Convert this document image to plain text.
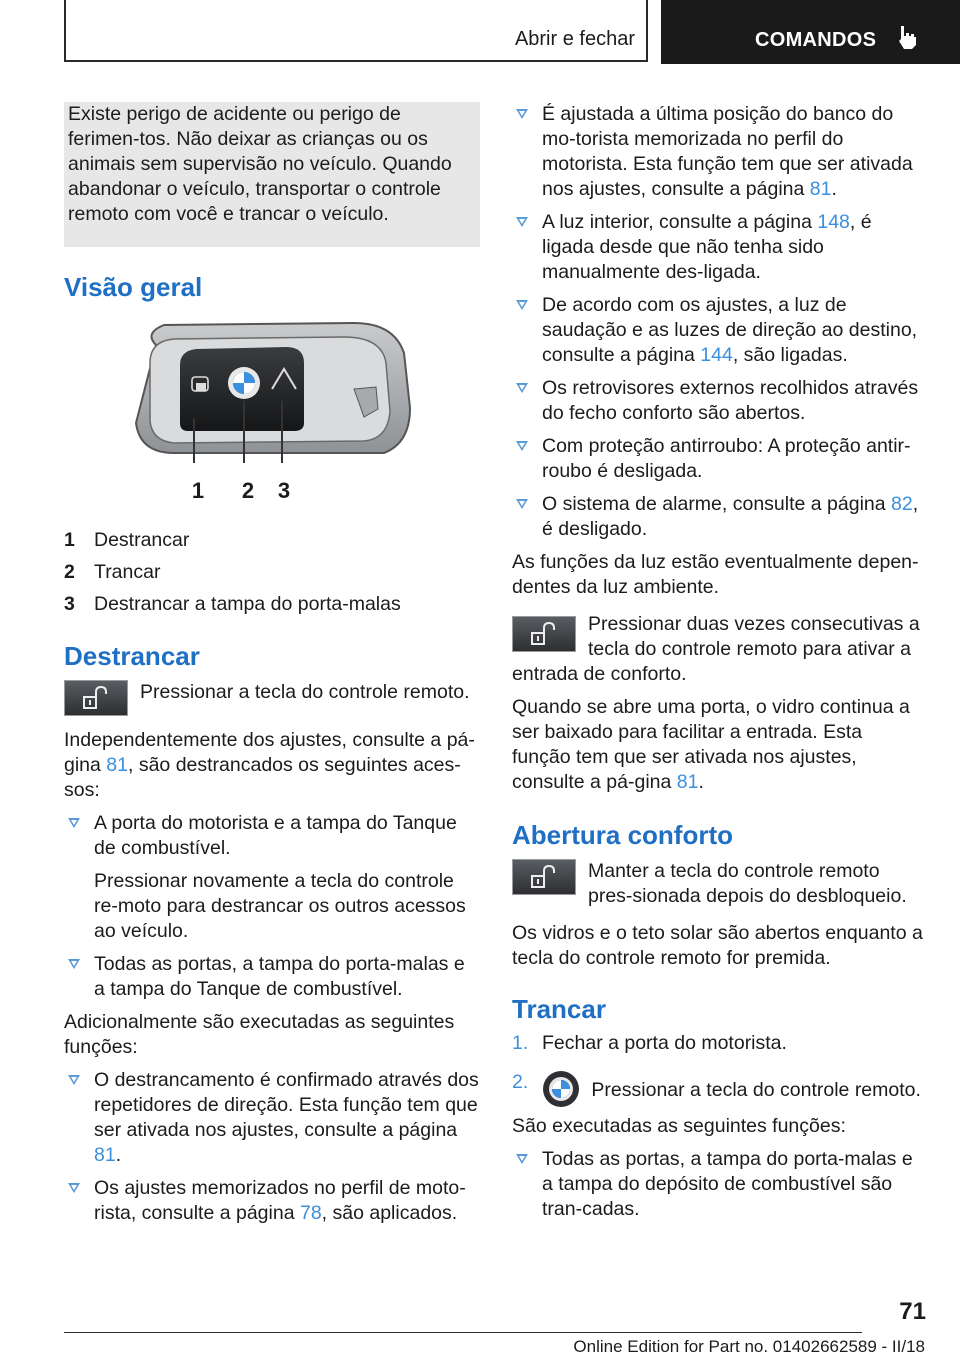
Abrir e fechar	COMANDOS

Existe perigo de acidente ou perigo de ferimen-tos. Não deixar as crianças ou os animais sem supervisão no veículo. Quando abandonar o veículo, transportar o controle remoto com você e trancar o veículo.

Visão geral
1 2 3
1 Destrancar
2 Trancar
3 Destrancar a tampa do porta-malas
Destrancar

Pressionar a tecla do controle remoto.

Independentemente dos ajustes, consulte a pá-gina 81, são destrancados os seguintes aces-sos:

A porta do motorista e a tampa do Tanque de combustível.

Pressionar novamente a tecla do controle re-moto para destrancar os outros acessos ao veículo.

Todas as portas, a tampa do porta-malas e a tampa do Tanque de combustível.

Adicionalmente são executadas as seguintes funções:

O destrancamento é confirmado através dos repetidores de direção. Esta função tem que ser ativada nos ajustes, consulte a página
81.

Os ajustes memorizados no perfil de moto-rista, consulte a página 78, são aplicados.

É ajustada a última posição do banco do mo-torista memorizada no perfil do motorista. Esta função tem que ser ativada nos ajustes, consulte a página 81.

A luz interior, consulte a página 148, é ligada desde que não tenha sido manualmente des-ligada.

De acordo com os ajustes, a luz de saudação e as luzes de direção ao destino, consulte a página 144, são ligadas.

Os retrovisores externos recolhidos através do fecho conforto são abertos.

Com proteção antirroubo: A proteção antir-roubo é desligada.

O sistema de alarme, consulte a página 82, é desligado.

As funções da luz estão eventualmente depen-dentes da luz ambiente.

Pressionar duas vezes consecutivas a tecla do controle remoto para ativar a entrada de conforto.

Quando se abre uma porta, o vidro continua a ser baixado para facilitar a entrada. Esta função tem que ser ativada nos ajustes, consulte a pá-gina 81.

Abertura conforto

Manter a tecla do controle remoto pres-sionada depois do desbloqueio.

Os vidros e o teto solar são abertos enquanto a tecla do controle remoto for premida.

Trancar
1. Fechar a porta do motorista.

2.	Pressionar a tecla do controle remoto.

São executadas as seguintes funções:

Todas as portas, a tampa do porta-malas e a tampa do depósito de combustível são tran-cadas.

71
Online Edition for Part no. 01402662589 - II/18
